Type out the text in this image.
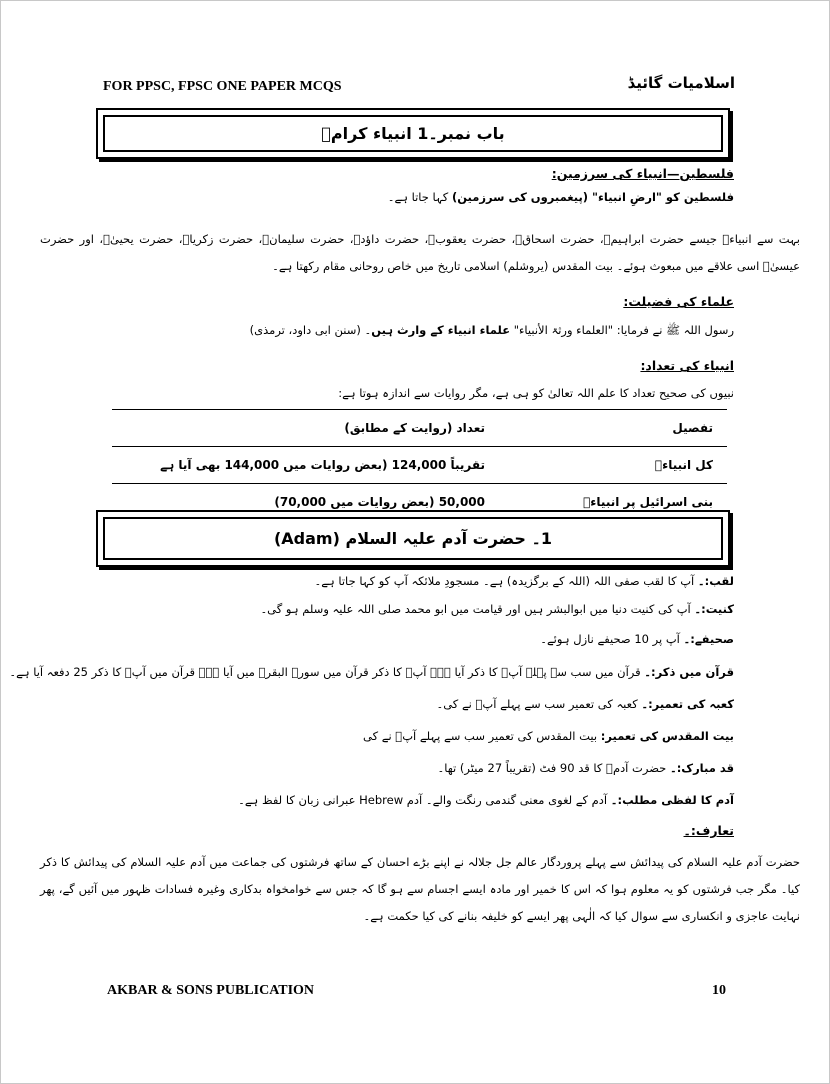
FOR PPSC, FPSC ONE PAPER MCQS	اسلامیات گائیڈ
باب نمبر۔1 انبیاء کرامؑ
فلسطین—انبیاء کی سرزمین:
فلسطین کو "ارضِ انبیاء" (پیغمبروں کی سرزمین) کہا جاتا ہے۔
بہت سے انبیاءؑ جیسے حضرت ابراہیمؑ، حضرت اسحاقؑ، حضرت یعقوبؑ، حضرت داؤدؑ، حضرت سلیمانؑ، حضرت زکریاؑ، حضرت یحییٰؑ، اور حضرت عیسیٰؑ اسی علاقے میں مبعوث ہوئے۔ بیت المقدس (یروشلم) اسلامی تاریخ میں خاص روحانی مقام رکھتا ہے۔
علماء کی فضیلت:
رسول اللہ ﷺ نے فرمایا: "العلماء ورثۃ الأنبیاء" علماء انبیاء کے وارث ہیں۔ (سنن ابی داود، ترمذی)
انبیاء کی تعداد:
نبیوں کی صحیح تعداد کا علم اللہ تعالیٰ کو ہی ہے، مگر روایات سے اندازہ ہوتا ہے:
تفصیل	تعداد (روایت کے مطابق)
کل انبیاءؑ	تقریباً 124,000 (بعض روایات میں 144,000 بھی آیا ہے
بنی اسرائیل پر انبیاءؑ	50,000 (بعض روایات میں 70,000)
1۔ حضرت آدم علیہ السلام (Adam)
لقب:۔ آپ کا لقب صفی اللہ (اللہ کے برگزیدہ) ہے۔ مسجودِ ملائکہ آپ کو کہا جاتا ہے۔
کنیت:۔ آپ کی کنیت دنیا میں ابوالبشر ہیں اور قیامت میں ابو محمد صلی اللہ علیہ وسلم ہو گی۔
صحیفے:۔ آپ پر 10 صحیفے نازل ہوئے۔
قرآن میں ذکر:۔ قرآن میں سب سے پہلے آپؑ کا ذکر آیا ہے۔ آپؑ کا ذکر قرآن میں سورۃ البقرہ میں آیا ہے۔ قرآن میں آپؑ کا ذکر 25 دفعہ آیا ہے۔
کعبہ کی تعمیر:۔ کعبہ کی تعمیر سب سے پہلے آپؑ نے کی۔
بیت المقدس کی تعمیر: بیت المقدس کی تعمیر سب سے پہلے آپؑ نے کی
قد مبارک:۔ حضرت آدمؑ کا قد 90 فٹ (تقریباً 27 میٹر) تھا۔
آدم کا لفظی مطلب:۔ آدم کے لغوی معنی گندمی رنگت والے۔ آدم Hebrew عبرانی زبان کا لفظ ہے۔
تعارف:۔
حضرت آدم علیہ السلام کی پیدائش سے پہلے پروردگار عالم جل جلالہ نے اپنے بڑے احسان کے ساتھ فرشتوں کی جماعت میں آدم علیہ السلام کی پیدائش کا ذکر کیا۔ مگر جب فرشتوں کو یہ معلوم ہوا کہ اس کا خمیر اور مادہ ایسے اجسام سے ہو گا کہ جس سے خوامخواہ بدکاری وغیرہ فسادات ظہور میں آئیں گے، پھر نہایت عاجزی و انکساری سے سوال کیا کہ الٰہی پھر ایسے کو خلیفہ بنانے کی کیا حکمت ہے۔
AKBAR & SONS PUBLICATION	10
